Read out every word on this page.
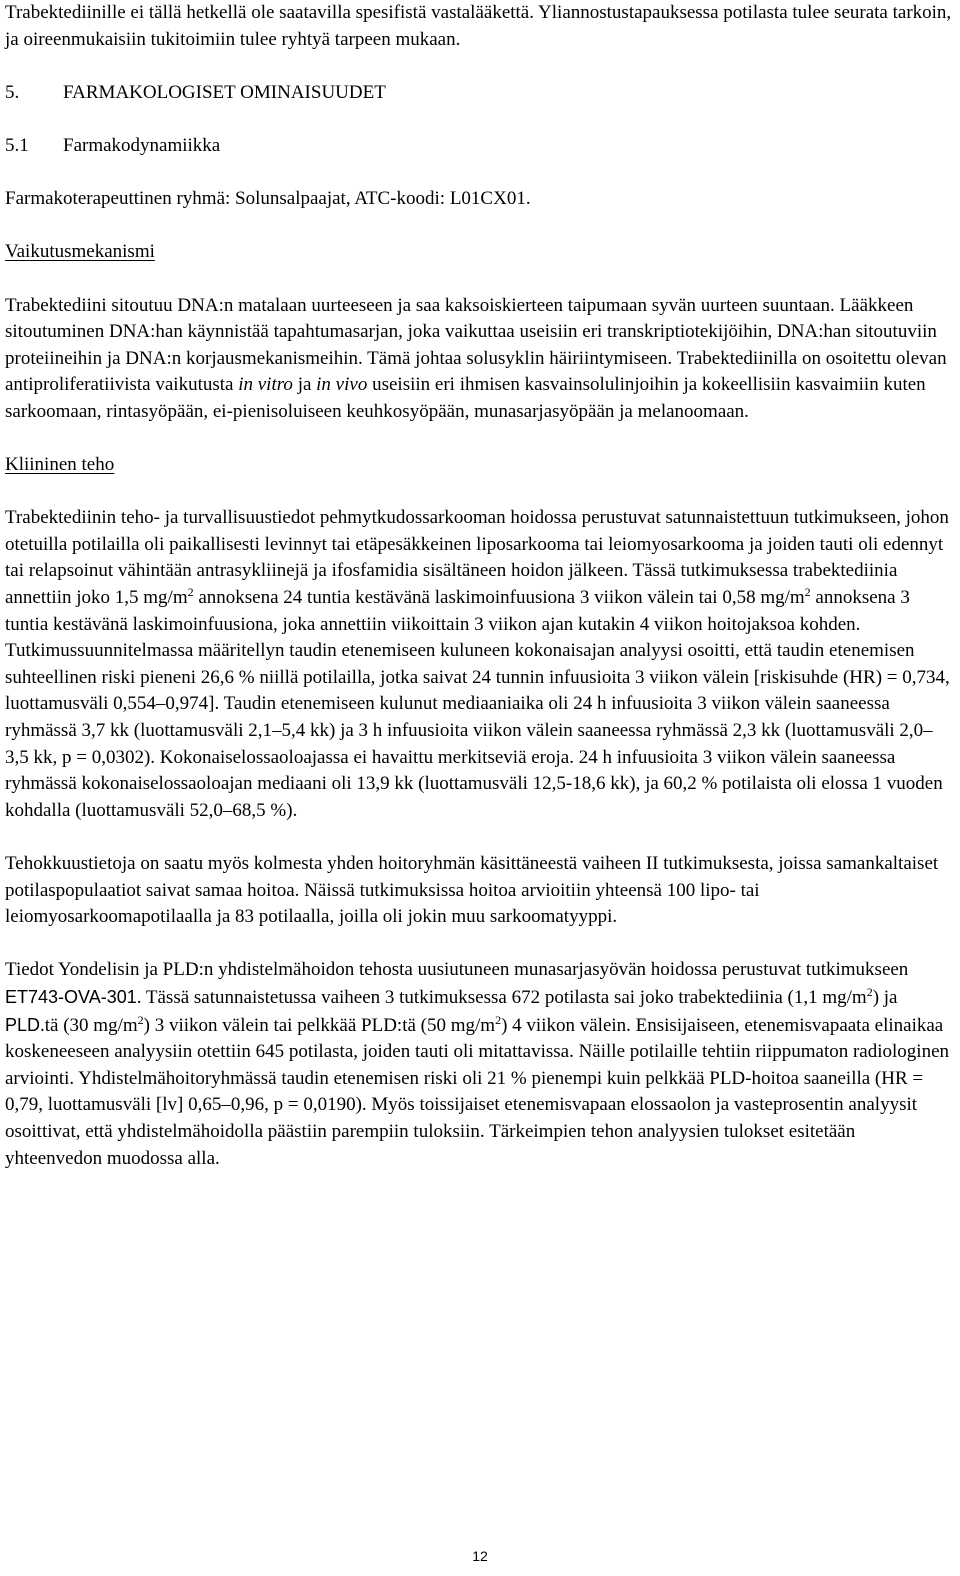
Trabektediinille ei tällä hetkellä ole saatavilla spesifistä vastalääkettä. Yliannostustapauksessa potilasta tulee seurata tarkoin, ja oireenmukaisiin tukitoimiin tulee ryhtyä tarpeen mukaan.

5. FARMAKOLOGISET OMINAISUUDET

5.1 Farmakodynamiikka

Farmakoterapeuttinen ryhmä: Solunsalpaajat, ATC-koodi: L01CX01.

Vaikutusmekanismi

Trabektediini sitoutuu DNA:n matalaan uurteeseen ja saa kaksoiskierteen taipumaan syvän uurteen suuntaan. Lääkkeen sitoutuminen DNA:han käynnistää tapahtumasarjan, joka vaikuttaa useisiin eri transkriptiotekijöihin, DNA:han sitoutuviin proteiineihin ja DNA:n korjausmekanismeihin. Tämä johtaa solusyklin häiriintymiseen. Trabektediinilla on osoitettu olevan antiproliferatiivista vaikutusta in vitro ja in vivo useisiin eri ihmisen kasvainsolulinjoihin ja kokeellisiin kasvaimiin kuten sarkoomaan, rintasyöpään, ei-pienisoluiseen keuhkosyöpään, munasarjasyöpään ja melanoomaan.

Kliininen teho

Trabektediinin teho- ja turvallisuustiedot pehmytkudossarkooman hoidossa perustuvat satunnaistettuun tutkimukseen, johon otetuilla potilailla oli paikallisesti levinnyt tai etäpesäkkeinen liposarkooma tai leiomyosarkooma ja joiden tauti oli edennyt tai relapsoinut vähintään antrasykliinejä ja ifosfamidia sisältäneen hoidon jälkeen. Tässä tutkimuksessa trabektediinia annettiin joko 1,5 $mg/m^2$ annoksena 24 tuntia kestävänä laskimoinfuusiona 3 viikon välein tai 0,58 $mg/m^2$ annoksena 3 tuntia kestävänä laskimoinfuusiona, joka annettiin viikoittain 3 viikon ajan kutakin 4 viikon hoitojaksoa kohden. Tutkimussuunnitelmassa määritellyn taudin etenemiseen kuluneen kokonaisajan analyysi osoitti, että taudin etenemisen suhteellinen riski pieneni 26,6 % niillä potilailla, jotka saivat 24 tunnin infuusioita 3 viikon välein [riskisuhde (HR) = 0,734, luottamusväli 0,554–0,974]. Taudin etenemiseen kulunut mediaaniaika oli 24 h infuusioita 3 viikon välein saaneessa ryhmässä 3,7 kk (luottamusväli 2,1–5,4 kk) ja 3 h infuusioita viikon välein saaneessa ryhmässä 2,3 kk (luottamusväli 2,0–3,5 kk, p = 0,0302). Kokonaiselossaoloajassa ei havaittu merkitseviä eroja. 24 h infuusioita 3 viikon välein saaneessa ryhmässä kokonaiselossaoloajan mediaani oli 13,9 kk (luottamusväli 12,5-18,6 kk), ja 60,2 % potilaista oli elossa 1 vuoden kohdalla (luottamusväli 52,0–68,5 %).

Tehokkuustietoja on saatu myös kolmesta yhden hoitoryhmän käsittäneestä vaiheen II tutkimuksesta, joissa samankaltaiset potilaspopulaatiot saivat samaa hoitoa. Näissä tutkimuksissa hoitoa arvioitiin yhteensä 100 lipo- tai leiomyosarkoomapotilaalla ja 83 potilaalla, joilla oli jokin muu sarkoomatyyppi.

Tiedot Yondelisin ja PLD:n yhdistelmähoidon tehosta uusiutuneen munasarjasyövän hoidossa perustuvat tutkimukseen ET743-OVA-301. Tässä satunnaistetussa vaiheen 3 tutkimuksessa 672 potilasta sai joko trabektediinia (1,1 $mg/m^2$) ja PLD.tä (30 $mg/m^2$) 3 viikon välein tai pelkkää PLD:tä (50 $mg/m^2$) 4 viikon välein. Ensisijaiseen, etenemisvapaata elinaikaa koskeneeseen analyysiin otettiin 645 potilasta, joiden tauti oli mitattavissa. Näille potilaille tehtiin riippumaton radiologinen arviointi. Yhdistelmähoitoryhmässä taudin etenemisen riski oli 21 % pienempi kuin pelkkää PLD-hoitoa saaneilla (HR = 0,79, luottamusväli [lv] 0,65–0,96, p = 0,0190). Myös toissijaiset etenemisvapaan elossaolon ja vasteprosentin analyysit osoittivat, että yhdistelmähoidolla päästiin parempiin tuloksiin. Tärkeimpien tehon analyysien tulokset esitetään yhteenvedon muodossa alla.

12
